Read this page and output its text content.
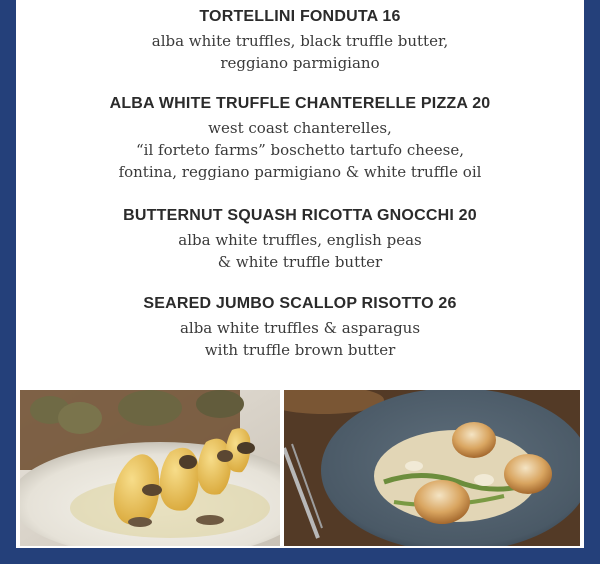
TORTELLINI FONDUTA 16
alba white truffles, black truffle butter,
reggiano parmigiano
ALBA WHITE TRUFFLE CHANTERELLE PIZZA 20
west coast chanterelles,
“il forteto farms” boschetto tartufo cheese,
fontina, reggiano parmigiano & white truffle oil
BUTTERNUT SQUASH RICOTTA GNOCCHI 20
alba white truffles, english peas
& white truffle butter
SEARED JUMBO SCALLOP RISOTTO 26
alba white truffles & asparagus
with truffle brown butter
